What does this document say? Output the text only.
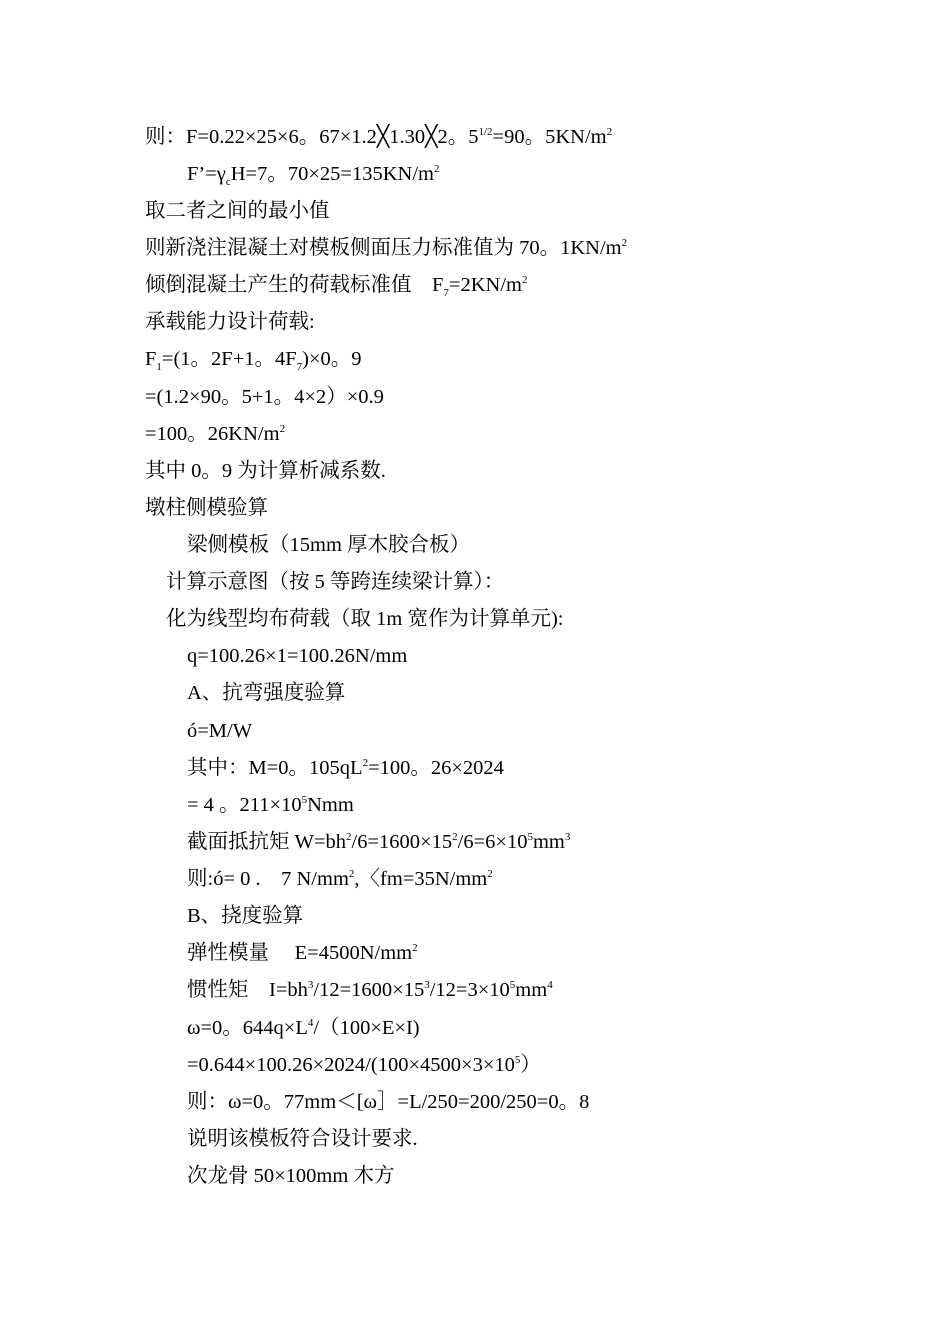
则：F=0.22×25×6。67×1.2╳1.30╳2。$5^{1/2}=90$。$5KN/m^2$
$F’=\gamma_cH=7$。$70\times 25=135KN/m^2$
取二者之间的最小值
则新浇注混凝土对模板侧面压力标准值为 70。$1KN/m^2$
倾倒混凝土产生的荷载标准值　$F_7=2KN/m^2$
承载能力设计荷载:
$F_1=(1$。2F+1。$4F_7)\times 0$。9
=(1.2×90。5+1。4×2）×0.9
=100。$26KN/m^2$
其中 0。9 为计算析减系数.
墩柱侧模验算
梁侧模板（15mm 厚木胶合板）
计算示意图（按 5 等跨连续梁计算）：
化为线型均布荷载（取 1m 宽作为计算单元):
q=100.26×1=100.26N/mm
A、抗弯强度验算
ó=M/W
其中：M=0。$105qL^2=100$。26×2024
= 4 。$211\times 10^5Nmm$
截面抵抗矩 $W=bh^2/6=1600\times 15^2/6=6\times 10^5mm^3$
则:ó= 0 .　7 $N/mm^2$,〈$fm=35N/mm^2$
B、挠度验算
弹性模量　 $E=4500N/mm^2$
惯性矩　$I=bh^3/12=1600\times 15^3/12=3\times 10^5mm^4$
ω=0。$644q\times L^4/(100\times E\times I)$
$=0.644\times 100.26\times 2024/(100\times 4500\times 3\times 10^5)$
则：ω=0。77mm＜[ω］=L/250=200/250=0。8
说明该模板符合设计要求.
次龙骨 50×100mm 木方
